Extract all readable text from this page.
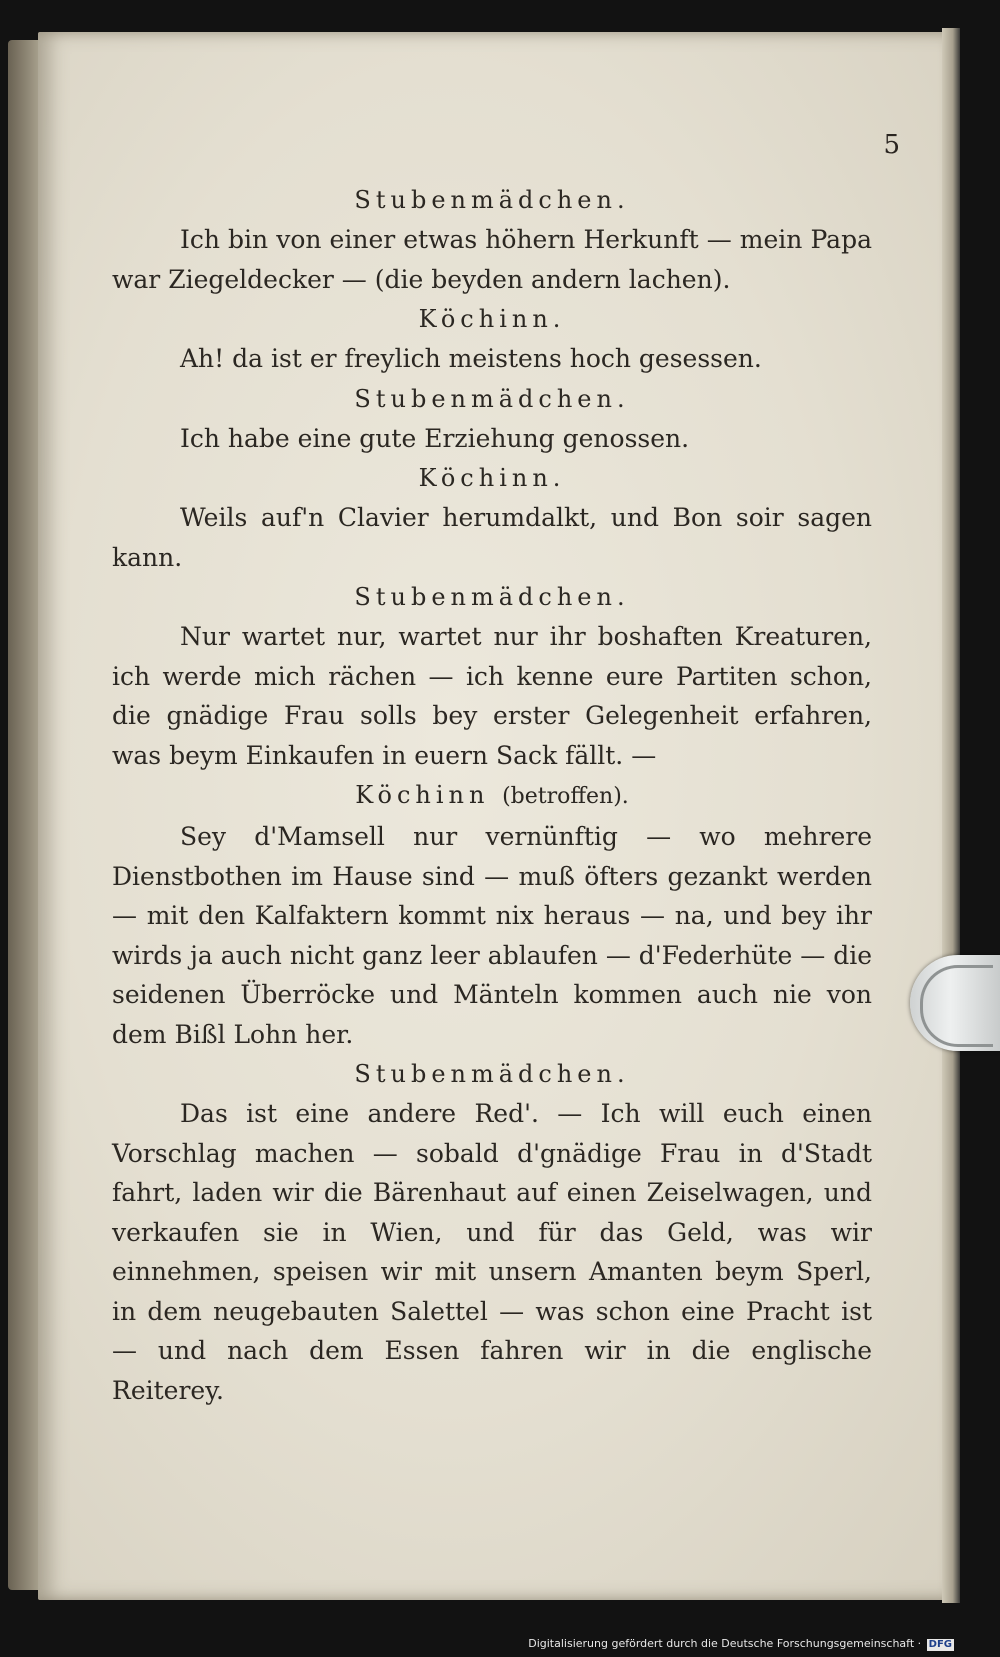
5
Stubenmädchen.

Ich bin von einer etwas höhern Herkunft — mein Papa war Ziegeldecker — (die beyden andern lachen).

Köchinn.

Ah! da ist er freylich meistens hoch gesessen.

Stubenmädchen.

Ich habe eine gute Erziehung genossen.

Köchinn.

Weils auf'n Clavier herumdalkt, und Bon soir sagen kann.

Stubenmädchen.

Nur wartet nur, wartet nur ihr boshaften Kreaturen, ich werde mich rächen — ich kenne eure Partiten schon, die gnädige Frau solls bey erster Gelegenheit erfahren, was beym Einkaufen in euern Sack fällt. —

Köchinn (betroffen).

Sey d'Mamsell nur vernünftig — wo mehrere Dienstbothen im Hause sind — muß öfters gezankt werden — mit den Kalfaktern kommt nix heraus — na, und bey ihr wirds ja auch nicht ganz leer ablaufen — d'Federhüte — die seidenen Überröcke und Mänteln kommen auch nie von dem Bißl Lohn her.

Stubenmädchen.

Das ist eine andere Red'. — Ich will euch einen Vorschlag machen — sobald d'gnädige Frau in d'Stadt fahrt, laden wir die Bärenhaut auf einen Zeiselwagen, und verkaufen sie in Wien, und für das Geld, was wir einnehmen, speisen wir mit unsern Amanten beym Sperl, in dem neugebauten Salettel — was schon eine Pracht ist — und nach dem Essen fahren wir in die englische Reiterey.

Digitalisierung gefördert durch die Deutsche Forschungsgemeinschaft · DFG
